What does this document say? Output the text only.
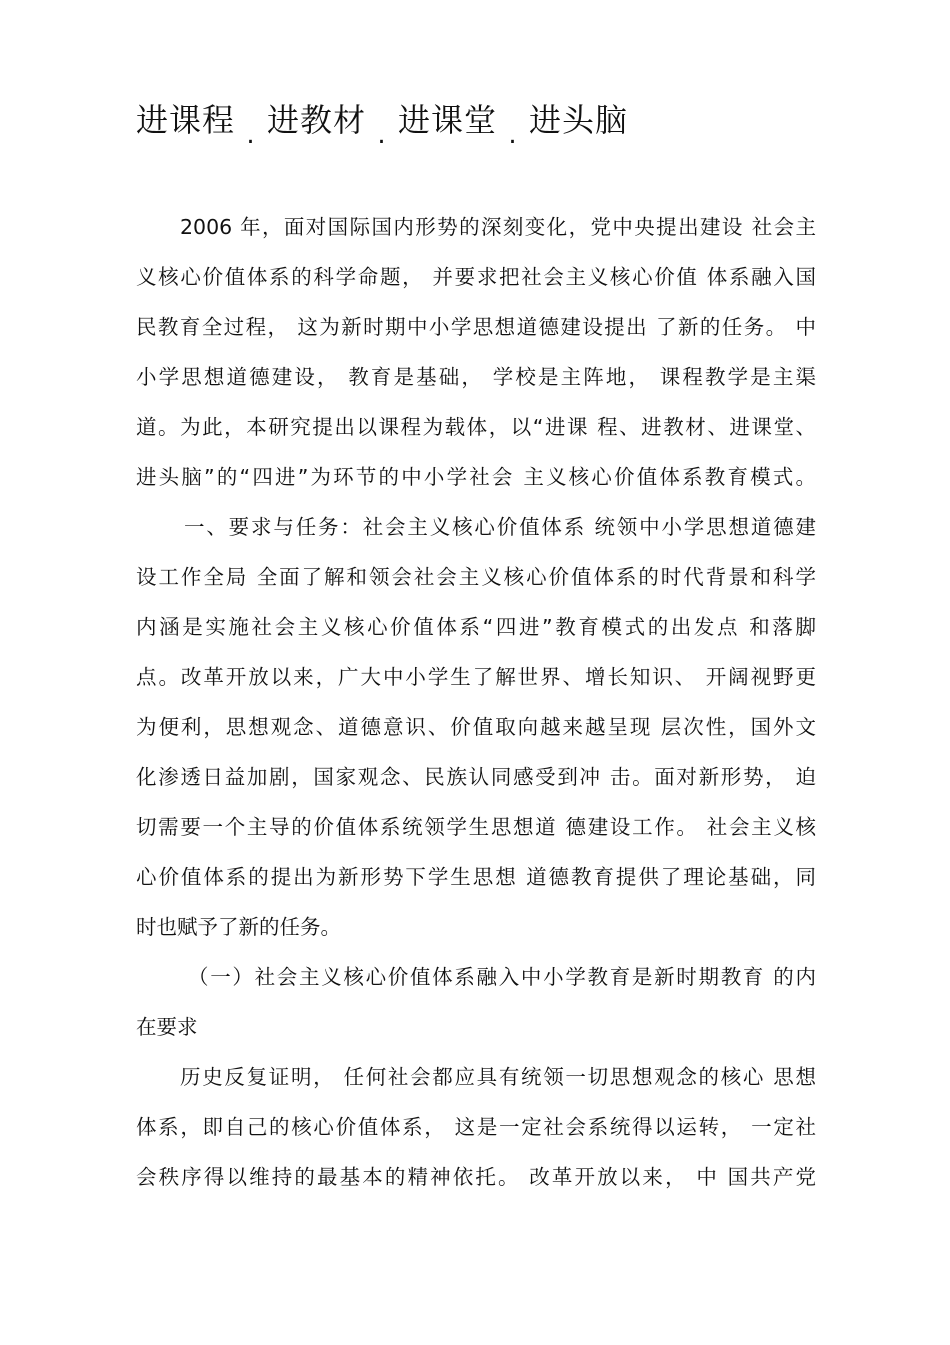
进课程 . 进教材 . 进课堂 . 进头脑
2006 年，面对国际国内形势的深刻变化，党中央提出建设 社会主
义核心价值体系的科学命题， 并要求把社会主义核心价值 体系融入国
民教育全过程， 这为新时期中小学思想道德建设提出 了新的任务。 中
小学思想道德建设， 教育是基础， 学校是主阵地， 课程教学是主渠
道。为此，本研究提出以课程为载体，以“进课 程、进教材、进课堂、
进头脑”的“四进”为环节的中小学社会 主义核心价值体系教育模式。
一、要求与任务：社会主义核心价值体系 统领中小学思想道德建
设工作全局 全面了解和领会社会主义核心价值体系的时代背景和科学
内涵是实施社会主义核心价值体系“四进”教育模式的出发点 和落脚
点。改革开放以来，广大中小学生了解世界、增长知识、 开阔视野更
为便利，思想观念、道德意识、价值取向越来越呈现 层次性，国外文
化渗透日益加剧，国家观念、民族认同感受到冲 击。面对新形势， 迫
切需要一个主导的价值体系统领学生思想道 德建设工作。 社会主义核
心价值体系的提出为新形势下学生思想 道德教育提供了理论基础，同
时也赋予了新的任务。
（一）社会主义核心价值体系融入中小学教育是新时期教育 的内
在要求
历史反复证明， 任何社会都应具有统领一切思想观念的核心 思想
体系，即自己的核心价值体系， 这是一定社会系统得以运转， 一定社
会秩序得以维持的最基本的精神依托。 改革开放以来， 中 国共产党
